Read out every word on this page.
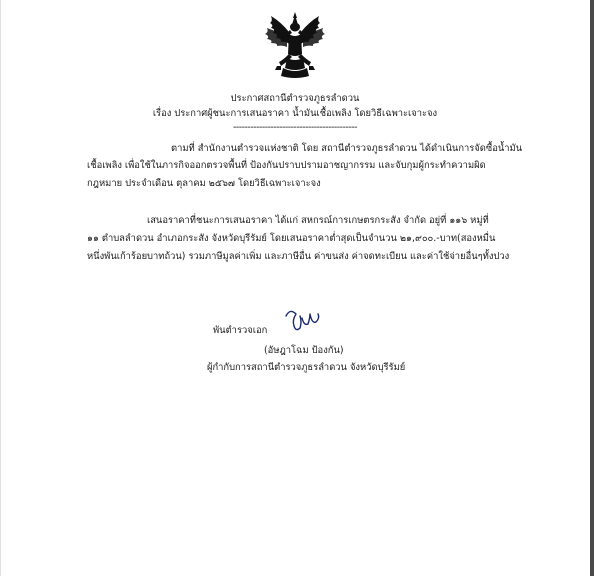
ประกาศสถานีตำรวจภูธรลำดวน
เรื่อง ประกาศผู้ชนะการเสนอราคา น้ำมันเชื้อเพลิง โดยวิธีเฉพาะเจาะจง
-------------------------------------------
ตามที่ สำนักงานตำรวจแห่งชาติ โดย สถานีตำรวจภูธรลำดวน ได้ดำเนินการจัดซื้อน้ำมัน
เชื้อเพลิง เพื่อใช้ในภารกิจออกตรวจพื้นที่ ป้องกันปราบปรามอาชญากรรม และจับกุมผู้กระทำความผิด
กฎหมาย ประจำเดือน ตุลาคม ๒๕๖๗ โดยวิธีเฉพาะเจาะจง
เสนอราคาที่ชนะการเสนอราคา ได้แก่ สหกรณ์การเกษตรกระสัง จำกัด อยู่ที่ ๑๑๖ หมู่ที่
๑๑ ตำบลลำดวน อำเภอกระสัง จังหวัดบุรีรัมย์ โดยเสนอราคาต่ำสุดเป็นจำนวน ๒๑,๙๐๐.-บาท(สองหมื่น
หนึ่งพันเก้าร้อยบาทถ้วน) รวมภาษีมูลค่าเพิ่ม และภาษีอื่น ค่าขนส่ง ค่าจดทะเบียน และค่าใช้จ่ายอื่นๆทั้งปวง
พันตำรวจเอก
(อัษฎาโฉม ป้องกัน)
ผู้กำกับการสถานีตำรวจภูธรลำดวน จังหวัดบุรีรัมย์
